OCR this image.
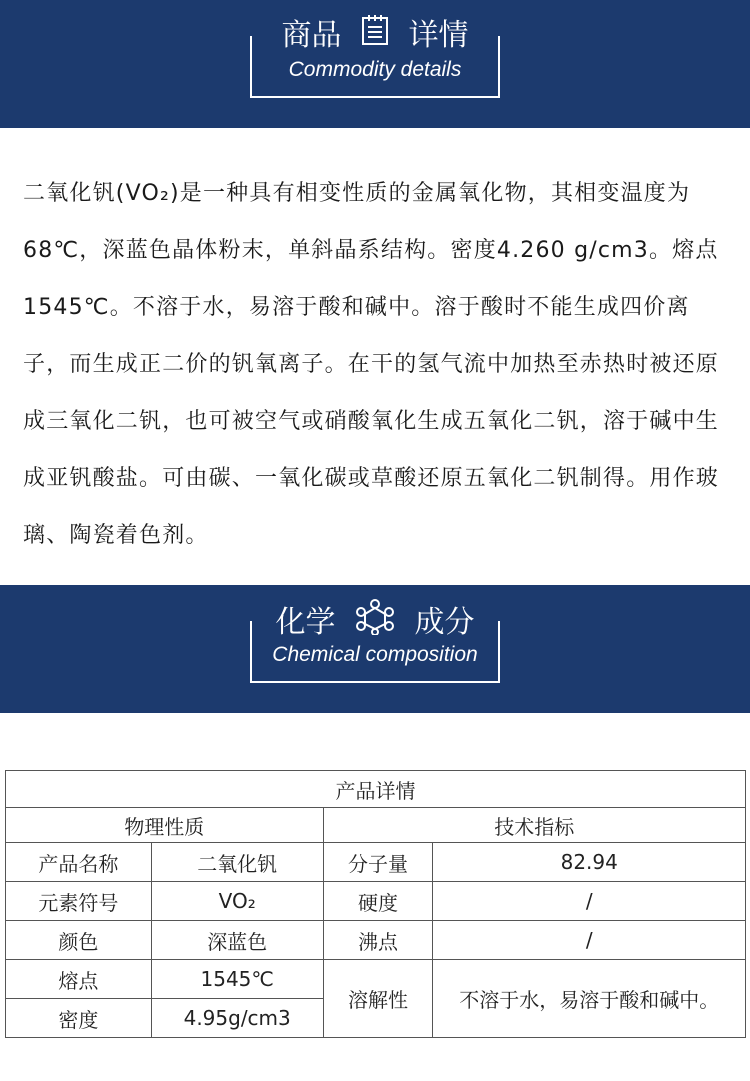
商品 详情
Commodity details
二氧化钒(VO₂)是一种具有相变性质的金属氧化物，其相变温度为68℃，深蓝色晶体粉末，单斜晶系结构。密度4.260 g/cm3。熔点1545℃。不溶于水，易溶于酸和碱中。溶于酸时不能生成四价离子，而生成正二价的钒氧离子。在干的氢气流中加热至赤热时被还原成三氧化二钒，也可被空气或硝酸氧化生成五氧化二钒，溶于碱中生成亚钒酸盐。可由碳、一氧化碳或草酸还原五氧化二钒制得。用作玻璃、陶瓷着色剂。
化学	成分
Chemical composition
产品详情			
物理性质		技术指标	
产品名称	二氧化钒	分子量	82.94
元素符号	VO₂	硬度	/
颜色	深蓝色	沸点	/
熔点	1545℃	溶解性	不溶于水，易溶于酸和碱中。
密度	4.95g/cm3		
